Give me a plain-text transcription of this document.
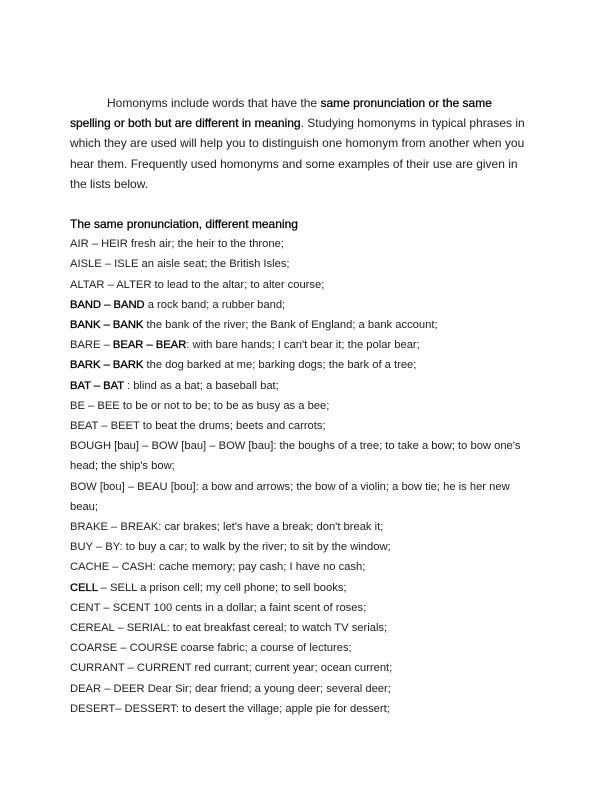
Homonyms include words that have the same pronunciation or the same spelling or both but are different in meaning. Studying homonyms in typical phrases in which they are used will help you to distinguish one homonym from another when you hear them. Frequently used homonyms and some examples of their use are given in the lists below.

The same pronunciation, different meaning
AIR – HEIR fresh air; the heir to the throne;
AISLE – ISLE an aisle seat; the British Isles;
ALTAR – ALTER to lead to the altar; to alter course;
BAND – BAND a rock band; a rubber band;
BANK – BANK the bank of the river; the Bank of England; a bank account;
BARE – BEAR – BEAR: with bare hands; I can't bear it; the polar bear;
BARK – BARK the dog barked at me; barking dogs; the bark of a tree;
BAT – BAT : blind as a bat; a baseball bat;
BE – BEE to be or not to be; to be as busy as a bee;
BEAT – BEET to beat the drums; beets and carrots;
BOUGH [bau] – BOW [bau] – BOW [bau]: the boughs of a tree; to take a bow; to bow one's head; the ship's bow;
BOW [bou] – BEAU [bou]: a bow and arrows; the bow of a violin; a bow tie; he is her new beau;
BRAKE – BREAK: car brakes; let's have a break; don't break it;
BUY – BY: to buy a car; to walk by the river; to sit by the window;
CACHE – CASH: cache memory; pay cash; I have no cash;
CELL – SELL a prison cell; my cell phone; to sell books;
CENT – SCENT 100 cents in a dollar; a faint scent of roses;
CEREAL – SERIAL: to eat breakfast cereal; to watch TV serials;
COARSE – COURSE coarse fabric; a course of lectures;
CURRANT – CURRENT red currant; current year; ocean current;
DEAR – DEER Dear Sir; dear friend; a young deer; several deer;
DESERT– DESSERT: to desert the village; apple pie for dessert;
